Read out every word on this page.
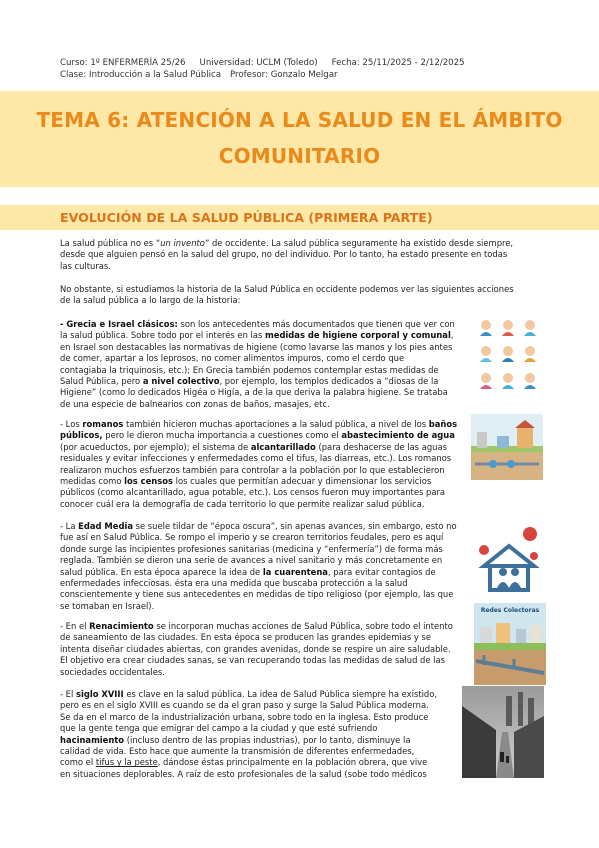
Curso: 1º ENFERMERÍA 25/26 Universidad: UCLM (Toledo) Fecha: 25/11/2025 - 2/12/2025
Clase: Introducción a la Salud Pública Profesor: Gonzalo Melgar
TEMA 6: ATENCIÓN A LA SALUD EN EL ÁMBITO
COMUNITARIO
EVOLUCIÓN DE LA SALUD PÚBLICA (PRIMERA PARTE)
La salud pública no es “un invento” de occidente. La salud pública seguramente ha existido desde siempre,
desde que alguien pensó en la salud del grupo, no del individuo. Por lo tanto, ha estado presente en todas
las culturas.
No obstante, si estudiamos la historia de la Salud Pública en occidente podemos ver las siguientes acciones
de la salud pública a lo largo de la historia:
- Grecia e Israel clásicos: son los antecedentes más documentados que tienen que ver con
la salud pública. Sobre todo por el interés en las medidas de higiene corporal y comunal,
en Israel son destacables las normativas de higiene (como lavarse las manos y los pies antes
de comer, apartar a los leprosos, no comer alimentos impuros, como el cerdo que
contagiaba la triquinosis, etc.); En Grecia también podemos contemplar estas medidas de
Salud Pública, pero a nivel colectivo, por ejemplo, los templos dedicados a “diosas de la
Higiene” (como lo dedicados Higéa o Higía, a de la que deriva la palabra higiene. Se trataba
de una especie de balnearios con zonas de baños, masajes, etc.
- Los romanos también hicieron muchas aportaciones a la salud pública, a nivel de los baños
públicos, pero le dieron mucha importancia a cuestiones como el abastecimiento de agua
(por acueductos, por ejemplo); el sistema de alcantarillado (para deshacerse de las aguas
residuales y evitar infecciones y enfermedades como el tifus, las diarreas, etc.). Los romanos
realizaron muchos esfuerzos también para controlar a la población por lo que establecieron
medidas como los censos los cuales que permitían adecuar y dimensionar los servicios
públicos (como alcantarillado, agua potable, etc.). Los censos fueron muy importantes para
conocer cuál era la demografía de cada territorio lo que permite realizar salud pública.
- La Edad Media se suele tildar de “época oscura”, sin apenas avances, sin embargo, esto no
fue así en Salud Pública. Se rompo el imperio y se crearon territorios feudales, pero es aquí
donde surge las incipientes profesiones sanitarias (medicina y “enfermería”) de forma más
reglada. También se dieron una serie de avances a nivel sanitario y más concretamente en
salud pública. En esta época aparece la idea de la cuarentena, para evitar contagios de
enfermedades infecciosas. ésta era una medida que buscaba protección a la salud
conscientemente y tiene sus antecedentes en medidas de tipo religioso (por ejemplo, las que
se tomaban en Israel).
- En el Renacimiento se incorporan muchas acciones de Salud Pública, sobre todo el intento
de saneamiento de las ciudades. En esta época se producen las grandes epidemias y se
intenta diseñar ciudades abiertas, con grandes avenidas, donde se respire un aire saludable.
El objetivo era crear ciudades sanas, se van recuperando todas las medidas de salud de las
sociedades occidentales.
Redes Colectoras
- El siglo XVIII es clave en la salud pública. La idea de Salud Pública siempre ha existido,
pero es en el siglo XVIII es cuando se da el gran paso y surge la Salud Pública moderna.
Se da en el marco de la industrialización urbana, sobre todo en la inglesa. Esto produce
que la gente tenga que emigrar del campo a la ciudad y que esté sufriendo
hacinamiento (incluso dentro de las propias industrias), por lo tanto, disminuye la
calidad de vida. Esto hace que aumente la transmisión de diferentes enfermedades,
como el tifus y la peste, dándose éstas principalmente en la población obrera, que vive
en situaciones deplorables. A raíz de esto profesionales de la salud (sobe todo médicos
